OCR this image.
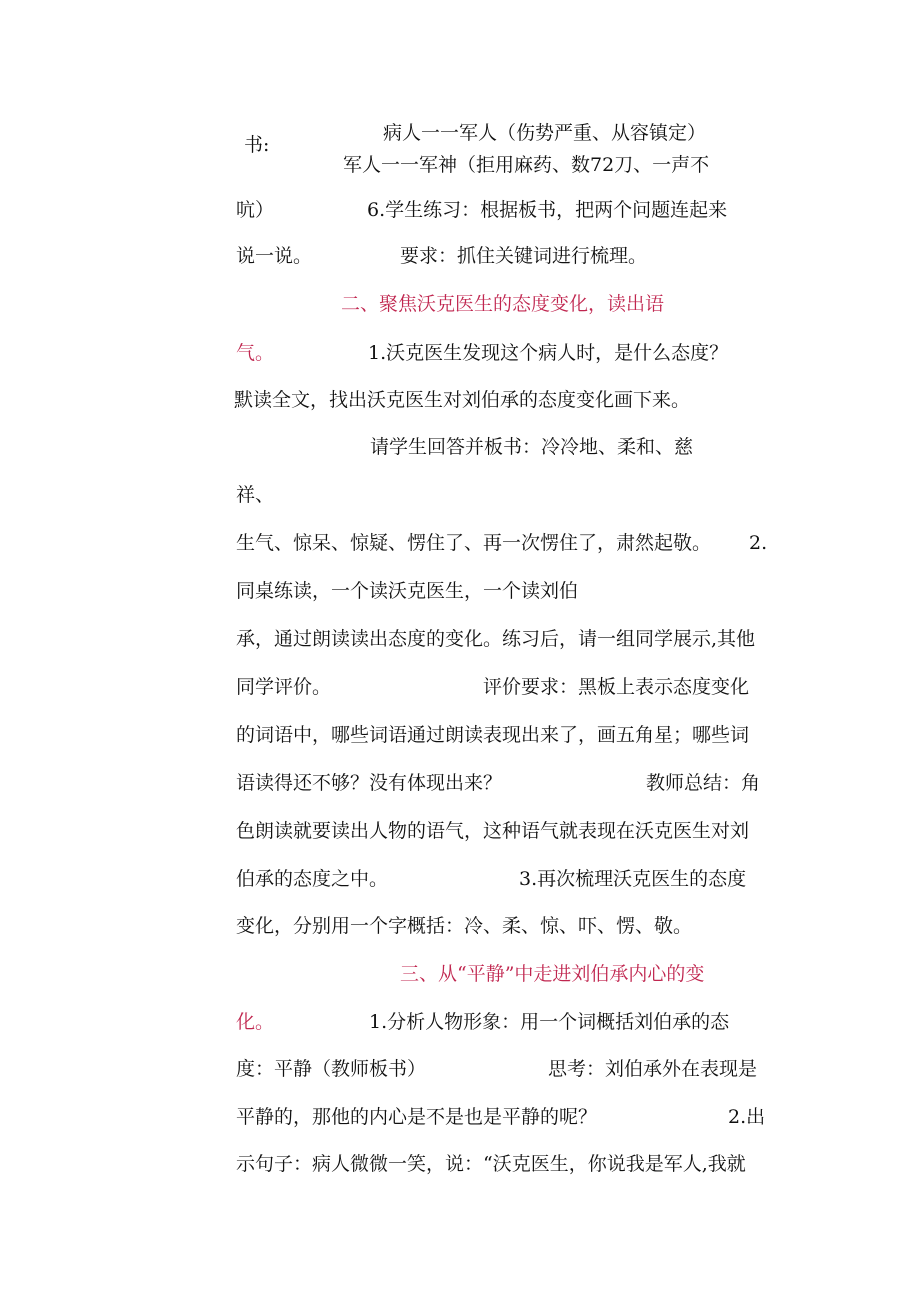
病人一一军人（伤势严重、从容镇定）
书:
军人一一军神（拒用麻药、数72刀、一声不
吭）	6.学生练习：根据板书，把两个问题连起来
说一说。	要求：抓住关键词进行梳理。
二、聚焦沃克医生的态度变化，读出语
气。	1.沃克医生发现这个病人时，是什么态度？
默读全文，找出沃克医生对刘伯承的态度变化画下来。
请学生回答并板书：冷冷地、柔和、慈
祥、
生气、惊呆、惊疑、愣住了、再一次愣住了，肃然起敬。 2.
同桌练读，一个读沃克医生，一个读刘伯
承，通过朗读读出态度的变化。练习后，请一组同学展示,其他
同学评价。	评价要求：黑板上表示态度变化
的词语中，哪些词语通过朗读表现出来了，画五角星；哪些词
语读得还不够？没有体现出来？	教师总结：角
色朗读就要读出人物的语气，这种语气就表现在沃克医生对刘
伯承的态度之中。	3.再次梳理沃克医生的态度
变化，分别用一个字概括：冷、柔、惊、吓、愣、敬。
三、从“平静”中走进刘伯承内心的变
化。	1.分析人物形象：用一个词概括刘伯承的态
度：平静（教师板书）	思考：刘伯承外在表现是
平静的，那他的内心是不是也是平静的呢？	2.出
示句子：病人微微一笑，说：“沃克医生，你说我是军人,我就
